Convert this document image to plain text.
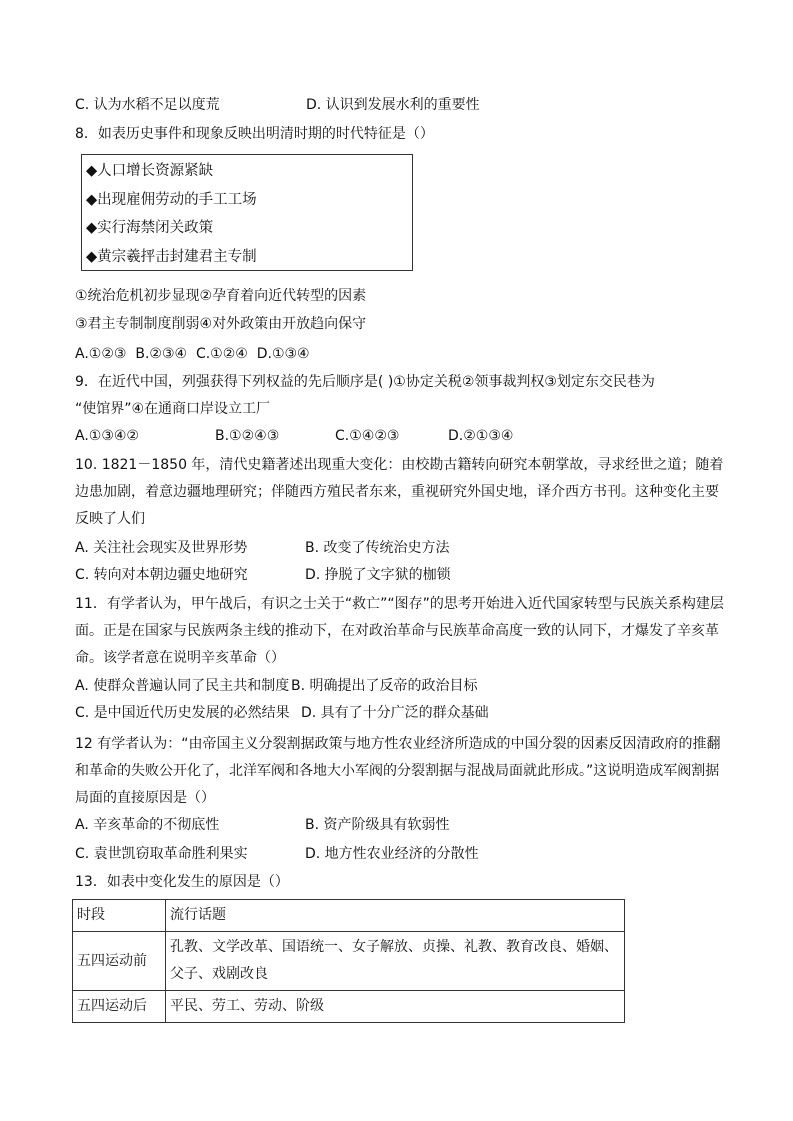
C. 认为水稻不足以度荒	D. 认识到发展水利的重要性
8．如表历史事件和现象反映出明清时期的时代特征是（）
◆人口增长资源紧缺
◆出现雇佣劳动的手工工场
◆实行海禁闭关政策
◆黄宗羲抨击封建君主专制
①统治危机初步显现②孕育着向近代转型的因素
③君主专制制度削弱④对外政策由开放趋向保守
A.①②③  B.②③④  C.①②④  D.①③④
9．在近代中国，列强获得下列权益的先后顺序是( )①协定关税②领事裁判权③划定东交民巷为
“使馆界”④在通商口岸设立工厂
A.①③④②	B.①②④③	C.①④②③	D.②①③④
10. 1821－1850 年，清代史籍著述出现重大变化：由校勘古籍转向研究本朝掌故，寻求经世之道；随着边患加剧，着意边疆地理研究；伴随西方殖民者东来，重视研究外国史地，译介西方书刊。这种变化主要反映了人们
A. 关注社会现实及世界形势	B. 改变了传统治史方法
C. 转向对本朝边疆史地研究	D. 挣脱了文字狱的枷锁
11．有学者认为，甲午战后，有识之士关于“救亡”“图存”的思考开始进入近代国家转型与民族关系构建层面。正是在国家与民族两条主线的推动下，在对政治革命与民族革命高度一致的认同下，才爆发了辛亥革命。该学者意在说明辛亥革命（）
A. 使群众普遍认同了民主共和制度 B. 明确提出了反帝的政治目标
C. 是中国近代历史发展的必然结果 D. 具有了十分广泛的群众基础
12 有学者认为：“由帝国主义分裂割据政策与地方性农业经济所造成的中国分裂的因素反因清政府的推翻和革命的失败公开化了，北洋军阀和各地大小军阀的分裂割据与混战局面就此形成。”这说明造成军阀割据局面的直接原因是（）
A. 辛亥革命的不彻底性	B. 资产阶级具有软弱性
C. 袁世凯窃取革命胜利果实	D. 地方性农业经济的分散性
13．如表中变化发生的原因是（）
时段	流行话题
五四运动前	孔教、文学改革、国语统一、女子解放、贞操、礼教、教育改良、婚姻、父子、戏剧改良
五四运动后	平民、劳工、劳动、阶级
